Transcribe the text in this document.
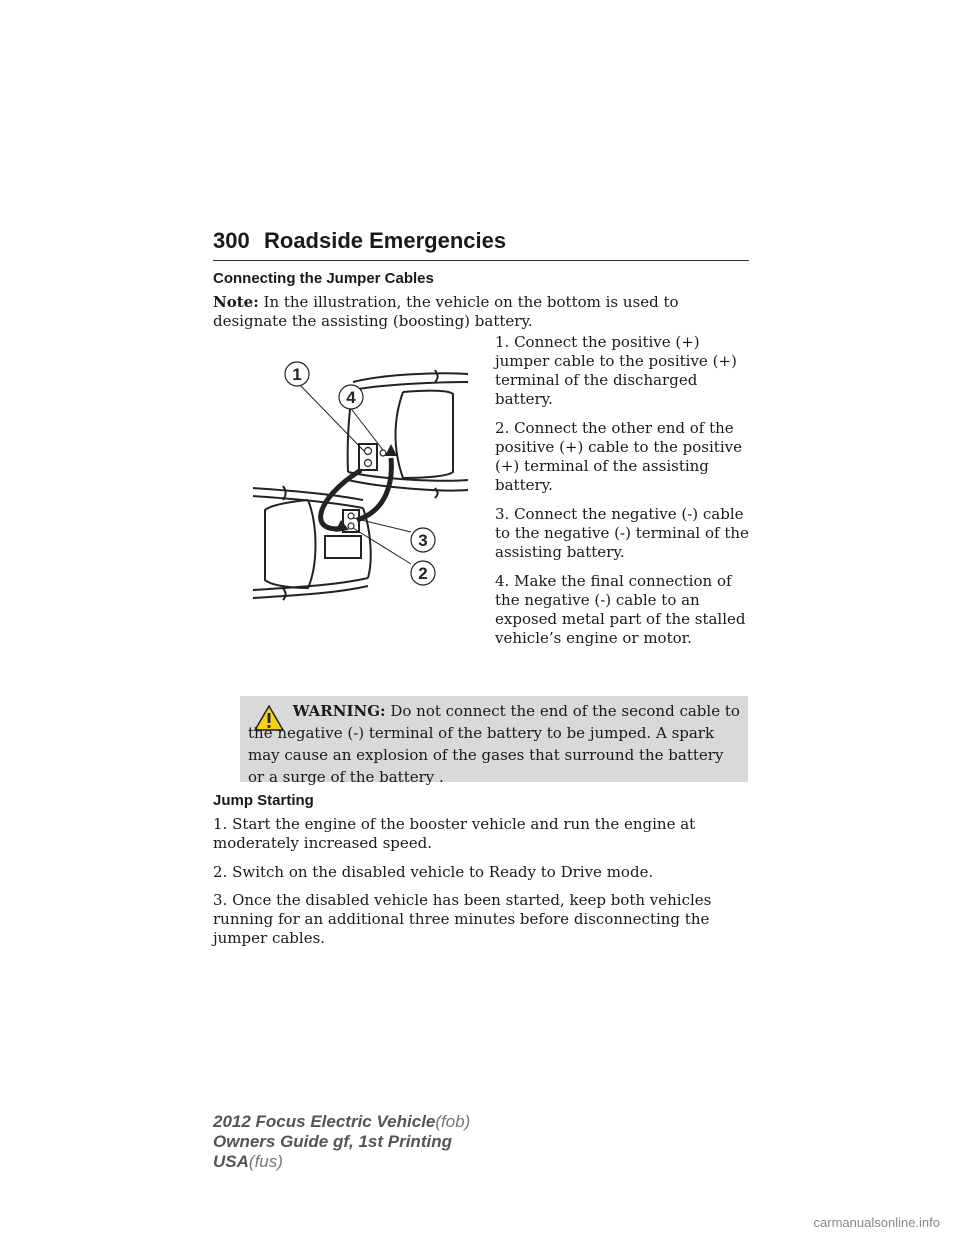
300 Roadside Emergencies
Connecting the Jumper Cables

Note: In the illustration, the vehicle on the bottom is used to designate the assisting (boosting) battery.

1. Connect the positive (+) jumper cable to the positive (+) terminal of the discharged battery.

2. Connect the other end of the positive (+) cable to the positive (+) terminal of the assisting battery.

3. Connect the negative (-) cable to the negative (-) terminal of the assisting battery.

4. Make the final connection of the negative (-) cable to an exposed metal part of the stalled vehicle’s engine or motor.

1
4
3
2
WARNING: Do not connect the end of the second cable to the negative (-) terminal of the battery to be jumped. A spark may cause an explosion of the gases that surround the battery or a surge of the battery .
Jump Starting

1. Start the engine of the booster vehicle and run the engine at moderately increased speed.

2. Switch on the disabled vehicle to Ready to Drive mode.

3. Once the disabled vehicle has been started, keep both vehicles running for an additional three minutes before disconnecting the jumper cables.

2012 Focus Electric Vehicle(fob)
Owners Guide gf, 1st Printing
USA(fus)
carmanualsonline.info
